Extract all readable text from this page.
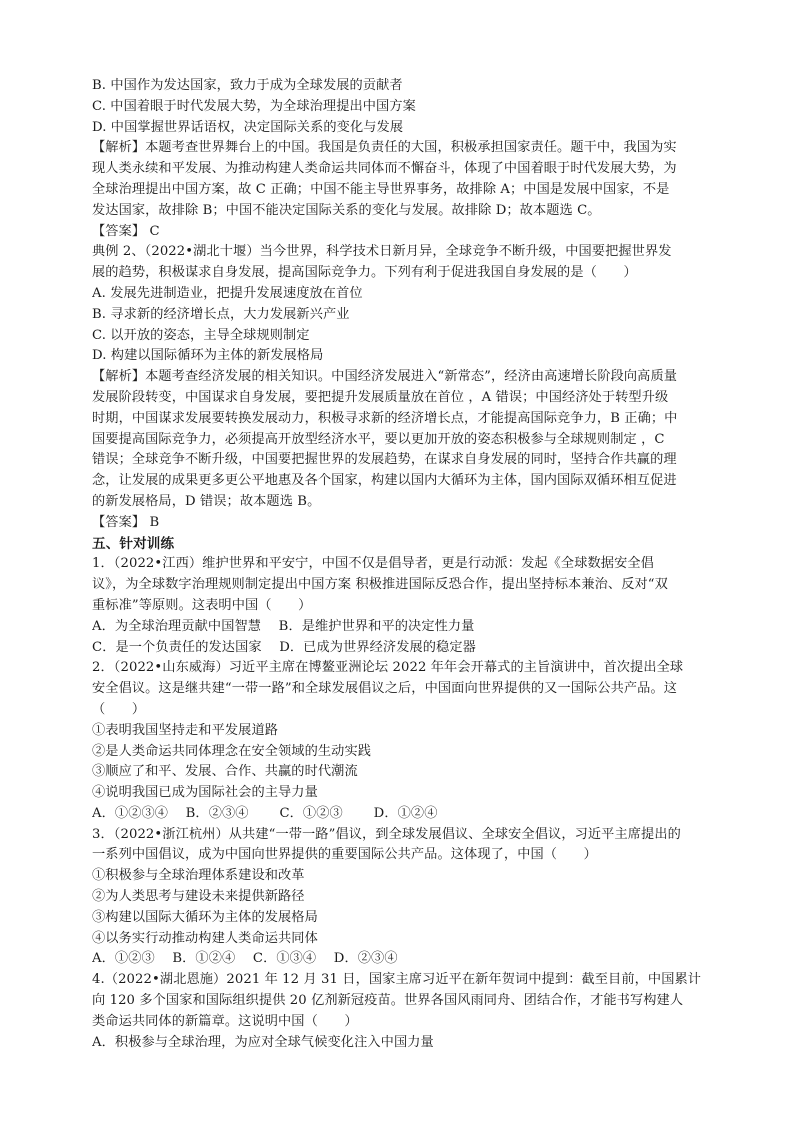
B. 中国作为发达国家，致力于成为全球发展的贡献者
C. 中国着眼于时代发展大势，为全球治理提出中国方案
D. 中国掌握世界话语权，决定国际关系的变化与发展
【解析】本题考查世界舞台上的中国。我国是负责任的大国，积极承担国家责任。题干中，我国为实
现人类永续和平发展、为推动构建人类命运共同体而不懈奋斗，体现了中国着眼于时代发展大势，为
全球治理提出中国方案，故 C 正确；中国不能主导世界事务，故排除 A；中国是发展中国家，不是
发达国家，故排除 B；中国不能决定国际关系的变化与发展。故排除 D；故本题选 C。
【答案】 C
典例 2、（2022•湖北十堰）当今世界，科学技术日新月异，全球竞争不断升级，中国要把握世界发
展的趋势，积极谋求自身发展，提高国际竞争力。下列有利于促进我国自身发展的是（　　）
A. 发展先进制造业，把提升发展速度放在首位
B. 寻求新的经济增长点，大力发展新兴产业
C. 以开放的姿态，主导全球规则制定
D. 构建以国际循环为主体的新发展格局
【解析】本题考查经济发展的相关知识。中国经济发展进入“新常态”，经济由高速增长阶段向高质量
发展阶段转变，中国谋求自身发展，要把提升发展质量放在首位 ，A 错误；中国经济处于转型升级
时期，中国谋求发展要转换发展动力，积极寻求新的经济增长点，才能提高国际竞争力，B 正确；中
国要提高国际竞争力，必须提高开放型经济水平，要以更加开放的姿态积极参与全球规则制定 ，C
错误；全球竞争不断升级，中国要把握世界的发展趋势，在谋求自身发展的同时，坚持合作共赢的理
念，让发展的成果更多更公平地惠及各个国家，构建以国内大循环为主体，国内国际双循环相互促进
的新发展格局，D 错误；故本题选 B。
【答案】 B
五、针对训练
1．（2022•江西）维护世界和平安宁，中国不仅是倡导者，更是行动派：发起《全球数据安全倡
议》，为全球数字治理规则制定提出中国方案 积极推进国际反恐合作，提出坚持标本兼治、反对“双
重标准”等原则。这表明中国（　　）
A．为全球治理贡献中国智慧　 B．是维护世界和平的决定性力量
C．是一个负责任的发达国家　 D．已成为世界经济发展的稳定器
2．（2022•山东威海）习近平主席在博鳌亚洲论坛 2022 年年会开幕式的主旨演讲中，首次提出全球
安全倡议。这是继共建“一带一路”和全球发展倡议之后，中国面向世界提供的又一国际公共产品。这
（　　）
①表明我国坚持走和平发展道路
②是人类命运共同体理念在安全领域的生动实践
③顺应了和平、发展、合作、共赢的时代潮流
④说明我国已成为国际社会的主导力量
A．①②③④　 B．②③④　　 C．①②③　　 D．①②④
3．（2022•浙江杭州）从共建“一带一路”倡议，到全球发展倡议、全球安全倡议，习近平主席提出的
一系列中国倡议，成为中国向世界提供的重要国际公共产品。这体现了，中国（　　）
①积极参与全球治理体系建设和改革
②为人类思考与建设未来提供新路径
③构建以国际大循环为主体的发展格局
④以务实行动推动构建人类命运共同体
A．①②③　 B．①②④　 C．①③④　 D．②③④
4.（2022•湖北恩施）2021 年 12 月 31 日，国家主席习近平在新年贺词中提到：截至目前，中国累计
向 120 多个国家和国际组织提供 20 亿剂新冠疫苗。世界各国风雨同舟、团结合作，才能书写构建人
类命运共同体的新篇章。这说明中国（　　）
A．积极参与全球治理，为应对全球气候变化注入中国力量
